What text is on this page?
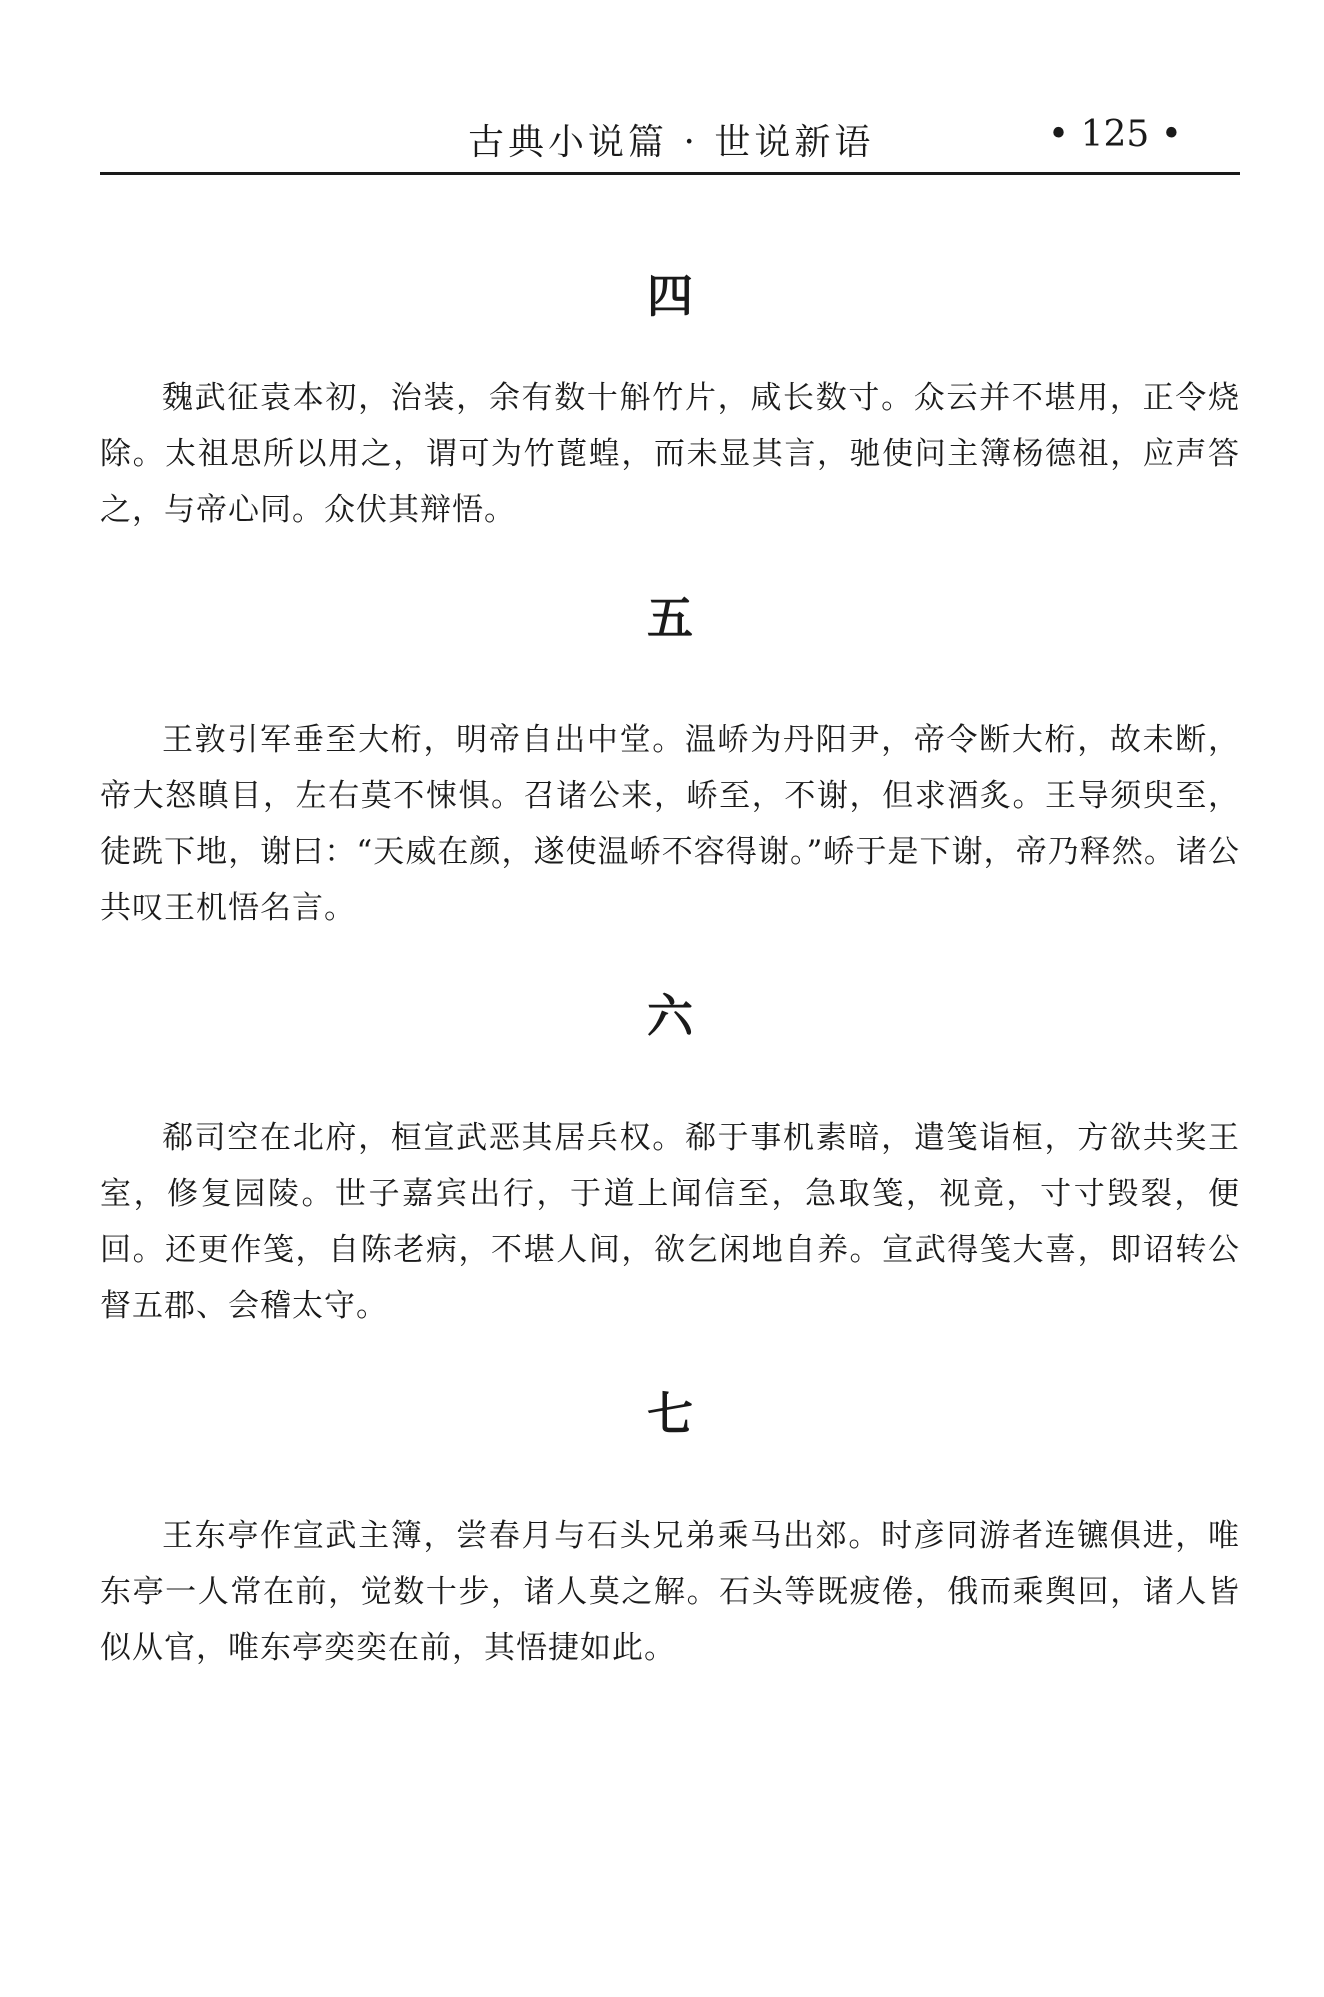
古典小说篇 · 世说新语	• 125 •
四

魏武征袁本初，治装，余有数十斛竹片，咸长数寸。众云并不堪用，正令烧除。太祖思所以用之，谓可为竹蓖蝗，而未显其言，驰使问主簿杨德祖，应声答之，与帝心同。众伏其辩悟。

五

王敦引军垂至大桁，明帝自出中堂。温峤为丹阳尹，帝令断大桁，故未断，帝大怒瞋目，左右莫不悚惧。召诸公来，峤至，不谢，但求酒炙。王导须臾至，徒跣下地，谢曰：“天威在颜，遂使温峤不容得谢。”峤于是下谢，帝乃释然。诸公共叹王机悟名言。

六

郗司空在北府，桓宣武恶其居兵权。郗于事机素暗，遣笺诣桓，方欲共奖王室，修复园陵。世子嘉宾出行，于道上闻信至，急取笺，视竟，寸寸毁裂，便回。还更作笺，自陈老病，不堪人间，欲乞闲地自养。宣武得笺大喜，即诏转公督五郡、会稽太守。

七

王东亭作宣武主簿，尝春月与石头兄弟乘马出郊。时彦同游者连镳俱进，唯东亭一人常在前，觉数十步，诸人莫之解。石头等既疲倦，俄而乘舆回，诸人皆似从官，唯东亭奕奕在前，其悟捷如此。
